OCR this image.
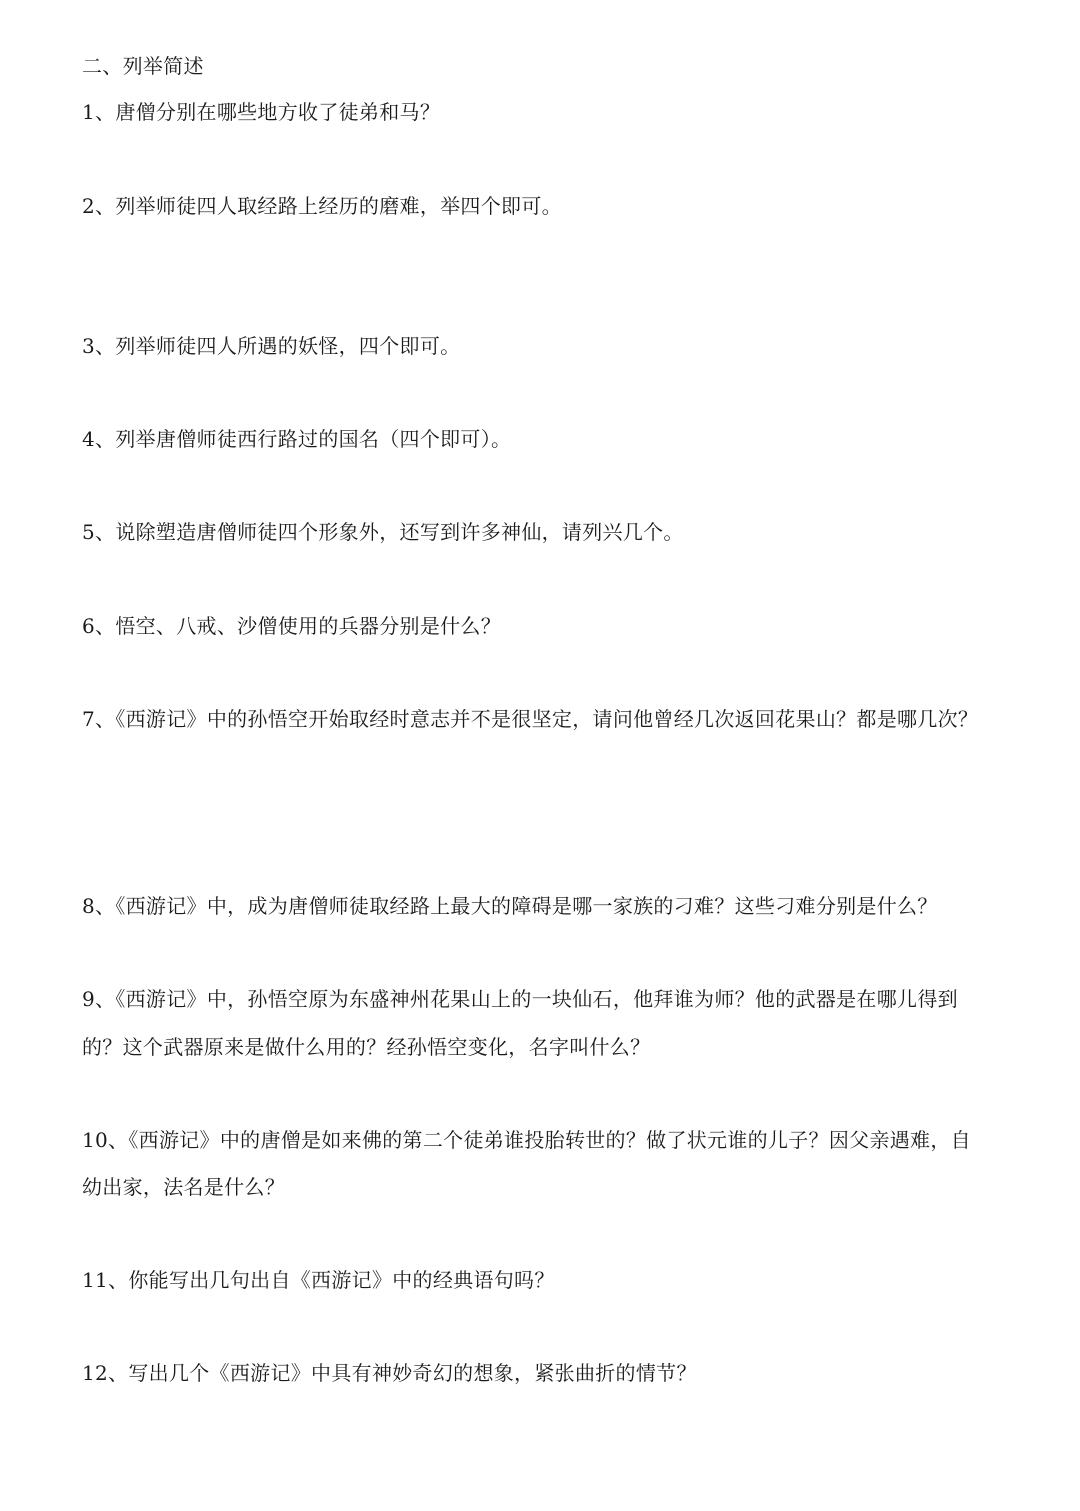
二、列举简述
1、唐僧分别在哪些地方收了徒弟和马？
2、列举师徒四人取经路上经历的磨难，举四个即可。
3、列举师徒四人所遇的妖怪，四个即可。
4、列举唐僧师徒西行路过的国名（四个即可）。
5、说除塑造唐僧师徒四个形象外，还写到许多神仙，请列兴几个。
6、悟空、八戒、沙僧使用的兵器分别是什么？
7、《西游记》中的孙悟空开始取经时意志并不是很坚定，请问他曾经几次返回花果山？都是哪几次？
8、《西游记》中，成为唐僧师徒取经路上最大的障碍是哪一家族的刁难？这些刁难分别是什么？
9、《西游记》中，孙悟空原为东盛神州花果山上的一块仙石，他拜谁为师？他的武器是在哪儿得到
的？这个武器原来是做什么用的？经孙悟空变化，名字叫什么？
10、《西游记》中的唐僧是如来佛的第二个徒弟谁投胎转世的？做了状元谁的儿子？因父亲遇难，自
幼出家，法名是什么？
11、你能写出几句出自《西游记》中的经典语句吗？
12、写出几个《西游记》中具有神妙奇幻的想象，紧张曲折的情节？
